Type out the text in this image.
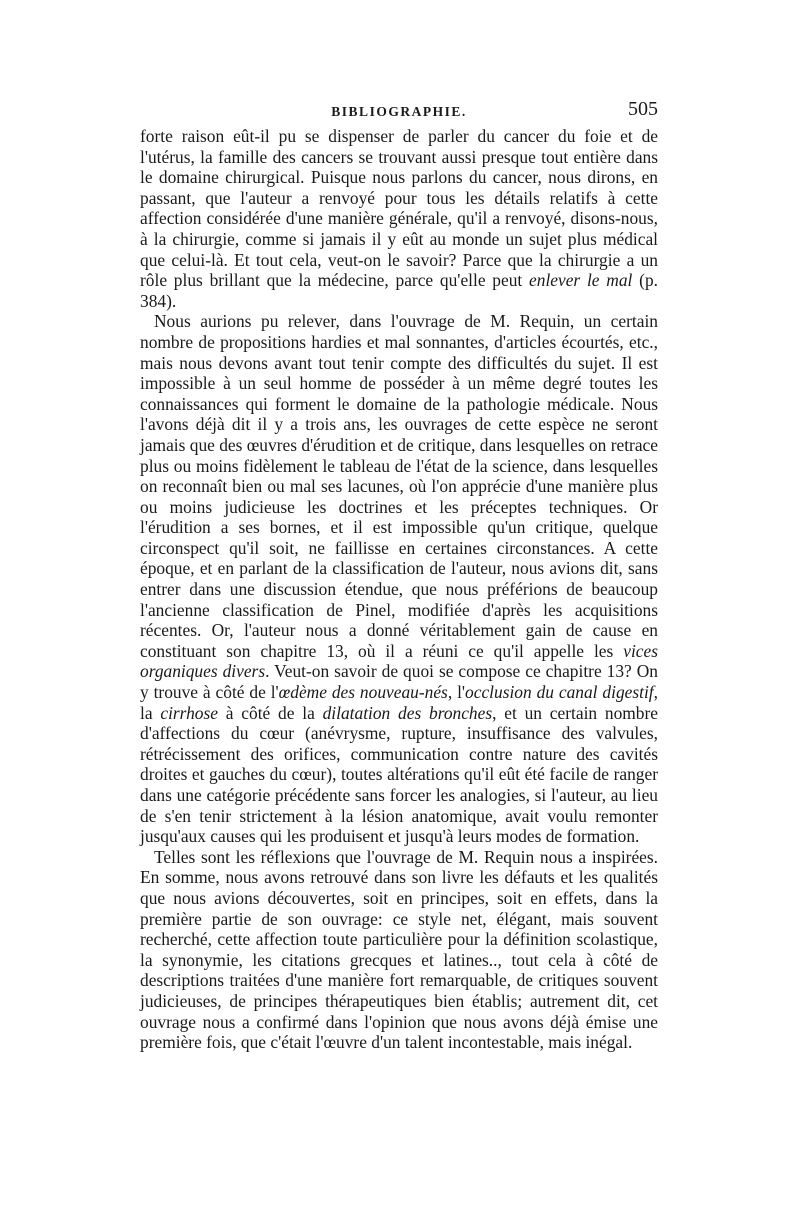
BIBLIOGRAPHIE.	505

forte raison eût-il pu se dispenser de parler du cancer du foie et de l'utérus, la famille des cancers se trouvant aussi presque tout entière dans le domaine chirurgical. Puisque nous parlons du cancer, nous dirons, en passant, que l'auteur a renvoyé pour tous les détails relatifs à cette affection considérée d'une manière générale, qu'il a renvoyé, disons-nous, à la chirurgie, comme si jamais il y eût au monde un sujet plus médical que celui-là. Et tout cela, veut-on le savoir? Parce que la chirurgie a un rôle plus brillant que la médecine, parce qu'elle peut enlever le mal (p. 384).

Nous aurions pu relever, dans l'ouvrage de M. Requin, un certain nombre de propositions hardies et mal sonnantes, d'articles écourtés, etc., mais nous devons avant tout tenir compte des difficultés du sujet. Il est impossible à un seul homme de posséder à un même degré toutes les connaissances qui forment le domaine de la pathologie médicale. Nous l'avons déjà dit il y a trois ans, les ouvrages de cette espèce ne seront jamais que des œuvres d'érudition et de critique, dans lesquelles on retrace plus ou moins fidèlement le tableau de l'état de la science, dans lesquelles on reconnaît bien ou mal ses lacunes, où l'on apprécie d'une manière plus ou moins judicieuse les doctrines et les préceptes techniques. Or l'érudition a ses bornes, et il est impossible qu'un critique, quelque circonspect qu'il soit, ne faillisse en certaines circonstances. A cette époque, et en parlant de la classification de l'auteur, nous avions dit, sans entrer dans une discussion étendue, que nous préférions de beaucoup l'ancienne classification de Pinel, modifiée d'après les acquisitions récentes. Or, l'auteur nous a donné véritablement gain de cause en constituant son chapitre 13, où il a réuni ce qu'il appelle les vices organiques divers. Veut-on savoir de quoi se compose ce chapitre 13? On y trouve à côté de l'œdème des nouveau-nés, l'occlusion du canal digestif, la cirrhose à côté de la dilatation des bronches, et un certain nombre d'affections du cœur (anévrysme, rupture, insuffisance des valvules, rétrécissement des orifices, communication contre nature des cavités droites et gauches du cœur), toutes altérations qu'il eût été facile de ranger dans une catégorie précédente sans forcer les analogies, si l'auteur, au lieu de s'en tenir strictement à la lésion anatomique, avait voulu remonter jusqu'aux causes qui les produisent et jusqu'à leurs modes de formation.

Telles sont les réflexions que l'ouvrage de M. Requin nous a inspirées. En somme, nous avons retrouvé dans son livre les défauts et les qualités que nous avions découvertes, soit en principes, soit en effets, dans la première partie de son ouvrage: ce style net, élégant, mais souvent recherché, cette affection toute particulière pour la définition scolastique, la synonymie, les citations grecques et latines.., tout cela à côté de descriptions traitées d'une manière fort remarquable, de critiques souvent judicieuses, de principes thérapeutiques bien établis; autrement dit, cet ouvrage nous a confirmé dans l'opinion que nous avons déjà émise une première fois, que c'était l'œuvre d'un talent incontestable, mais inégal.
